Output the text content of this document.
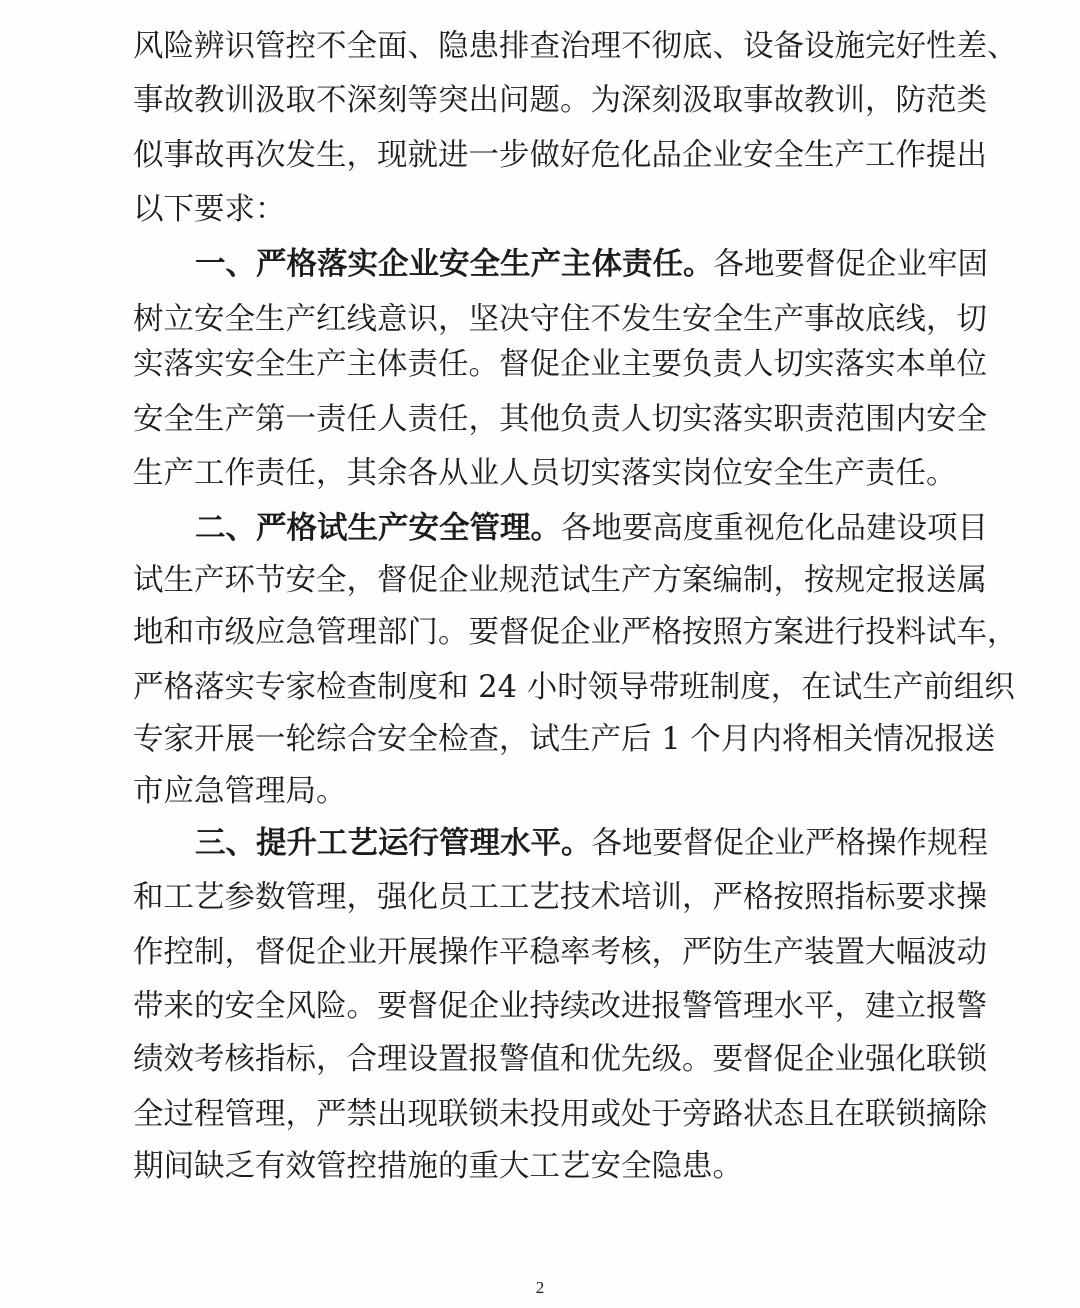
风险辨识管控不全面、隐患排查治理不彻底、设备设施完好性差、
事故教训汲取不深刻等突出问题。为深刻汲取事故教训，防范类
似事故再次发生，现就进一步做好危化品企业安全生产工作提出
以下要求：
一、严格落实企业安全生产主体责任。各地要督促企业牢固
树立安全生产红线意识，坚决守住不发生安全生产事故底线，切
实落实安全生产主体责任。督促企业主要负责人切实落实本单位
安全生产第一责任人责任，其他负责人切实落实职责范围内安全
生产工作责任，其余各从业人员切实落实岗位安全生产责任。
二、严格试生产安全管理。各地要高度重视危化品建设项目
试生产环节安全，督促企业规范试生产方案编制，按规定报送属
地和市级应急管理部门。要督促企业严格按照方案进行投料试车，
严格落实专家检查制度和 24 小时领导带班制度，在试生产前组织
专家开展一轮综合安全检查，试生产后 1 个月内将相关情况报送
市应急管理局。
三、提升工艺运行管理水平。各地要督促企业严格操作规程
和工艺参数管理，强化员工工艺技术培训，严格按照指标要求操
作控制，督促企业开展操作平稳率考核，严防生产装置大幅波动
带来的安全风险。要督促企业持续改进报警管理水平，建立报警
绩效考核指标，合理设置报警值和优先级。要督促企业强化联锁
全过程管理，严禁出现联锁未投用或处于旁路状态且在联锁摘除
期间缺乏有效管控措施的重大工艺安全隐患。
2
